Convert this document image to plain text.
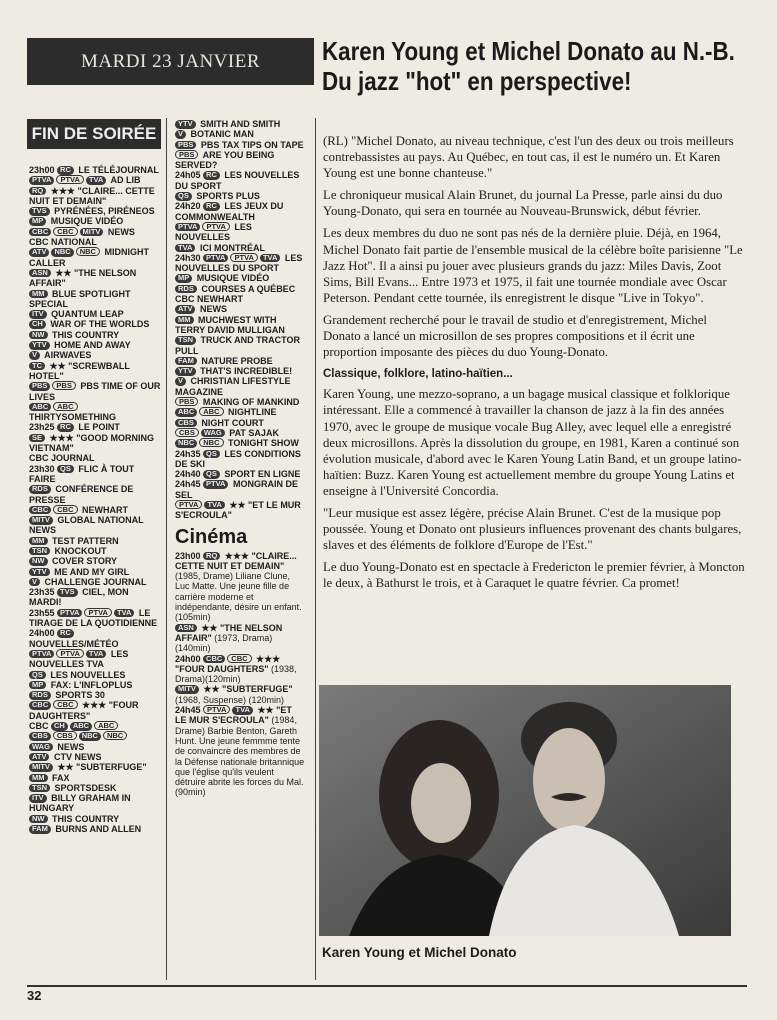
MARDI 23 JANVIER Karen Young et Michel Donato au N.-B.
Du jazz "hot" en perspective!
FIN DE SOIRÉE
23h00 RC LE TÉLÉJOURNAL
PTVA PTVA TVA AD LIB
RQ ★★★ "CLAIRE... CETTE NUIT ET DEMAIN"
TVS PYRÉNÉES, PIRÉNEOS
MP MUSIQUE VIDÉO
CBC CBC MITV NEWS
CBC NATIONAL
ATV NBC NBC MIDNIGHT CALLER
ASN ★★ "THE NELSON AFFAIR"
MM BLUE SPOTLIGHT SPECIAL
ITV QUANTUM LEAP
CH WAR OF THE WORLDS
NW THIS COUNTRY
YTV HOME AND AWAY
V AIRWAVES
TC ★★ "SCREWBALL HOTEL"
PBS PBS PBS TIME OF OUR LIVES
ABC ABC THIRTYSOMETHING
23h25 RC LE POINT
SE ★★★ "GOOD MORNING VIETNAM"
CBC JOURNAL
23h30 QS FLIC À TOUT FAIRE
RDS CONFÉRENCE DE PRESSE
CBC CBC NEWHART
MITV GLOBAL NATIONAL NEWS
MM TEST PATTERN
TSN KNOCKOUT
NW COVER STORY
YTV ME AND MY GIRL
V CHALLENGE JOURNAL
23h35 TVS CIEL, MON MARDI!
23h55 PTVA PTVA TVA LE TIRAGE DE LA QUOTIDIENNE
24h00 RC NOUVELLES/MÉTÉO
PTVA PTVA TVA LES NOUVELLES TVA
QS LES NOUVELLES
MP FAX: L'INFLOPLUS
RDS SPORTS 30
CBC CBC ★★★ "FOUR DAUGHTERS"
CBC CH ABC ABC
CBS CBS NBC NBC
WAG NEWS
ATV CTV NEWS
MITV ★★ "SUBTERFUGE"
MM FAX
TSN SPORTSDESK
ITV BILLY GRAHAM IN HUNGARY
NW THIS COUNTRY
FAM BURNS AND ALLEN
YTV SMITH AND SMITH
V BOTANIC MAN
PBS PBS TAX TIPS ON TAPE
PBS ARE YOU BEING SERVED?
24h05 RC LES NOUVELLES DU SPORT
QS SPORTS PLUS
24h20 RC LES JEUX DU COMMONWEALTH
PTVA PTVA LES NOUVELLES
TVA ICI MONTRÉAL
24h30 PTVA PTVA TVA LES NOUVELLES DU SPORT
MP MUSIQUE VIDÉO
RDS COURSES A QUÉBEC
CBC NEWHART
ATV NEWS
MM MUCHWEST WITH TERRY DAVID MULLIGAN
TSN TRUCK AND TRACTOR PULL
FAM NATURE PROBE
YTV THAT'S INCREDIBLE!
V CHRISTIAN LIFESTYLE MAGAZINE
PBS MAKING OF MANKIND
ABC ABC NIGHTLINE
CBS NIGHT COURT
CBS WAG PAT SAJAK
NBC NBC TONIGHT SHOW
24h35 QS LES CONDITIONS DE SKI
24h40 QS SPORT EN LIGNE
24h45 PTVA MONGRAIN DE SEL
PTVA TVA ★★ "ET LE MUR S'ECROULA"
Cinéma
23h00 RQ ★★★ "CLAIRE... CETTE NUIT ET DEMAIN" (1985, Drame) Liliane Clune, Luc Matte. Une jeune fille de carrière moderne et indépendante, désire un enfant. (105min)
ASN ★★ "THE NELSON AFFAIR" (1973, Drama) (140min)
24h00 CBC CBC ★★★ "FOUR DAUGHTERS" (1938, Drama)(120min)
MITV ★★ "SUBTERFUGE" (1968, Suspense) (120min)
24h45 PTVA TVA ★★ "ET LE MUR S'ECROULA" (1984, Drame) Barbie Benton, Gareth Hunt. Une jeune femmme tente de convaincre des membres de la Défense nationale britannique que l'église qu'ils veulent détruire abrite les forces du Mal. (90min)

(RL) "Michel Donato, au niveau technique, c'est l'un des deux ou trois meilleurs contrebassistes au pays. Au Québec, en tout cas, il est le numéro un. Et Karen Young est une bonne chanteuse."

Le chroniqueur musical Alain Brunet, du journal La Presse, parle ainsi du duo Young-Donato, qui sera en tournée au Nouveau-Brunswick, début février.

Les deux membres du duo ne sont pas nés de la dernière pluie. Déjà, en 1964, Michel Donato fait partie de l'ensemble musical de la célèbre boîte parisienne "Le Jazz Hot". Il a ainsi pu jouer avec plusieurs grands du jazz: Miles Davis, Zoot Sims, Bill Evans... Entre 1973 et 1975, il fait une tournée mondiale avec Oscar Peterson. Pendant cette tournée, ils enregistrent le disque "Live in Tokyo".

Grandement recherché pour le travail de studio et d'enregistrement, Michel Donato a lancé un microsillon de ses propres compositions et il écrit une proportion imposante des pièces du duo Young-Donato.

Classique, folklore, latino-haïtien...

Karen Young, une mezzo-soprano, a un bagage musical classique et folklorique intéressant. Elle a commencé à travailler la chanson de jazz à la fin des années 1970, avec le groupe de musique vocale Bug Alley, avec lequel elle a enregistré deux microsillons. Après la dissolution du groupe, en 1981, Karen a continué son évolution musicale, d'abord avec le Karen Young Latin Band, et un groupe latino-haïtien: Buzz. Karen Young est actuellement membre du groupe Young Latins et enseigne à l'Université Concordia.

"Leur musique est assez légère, précise Alain Brunet. C'est de la musique pop poussée. Young et Donato ont plusieurs influences provenant des chants bulgares, slaves et des éléments de folklore d'Europe de l'Est."

Le duo Young-Donato est en spectacle à Fredericton le premier février, à Moncton le deux, à Bathurst le trois, et à Caraquet le quatre février. Ca promet!

Karen Young et Michel Donato
32
